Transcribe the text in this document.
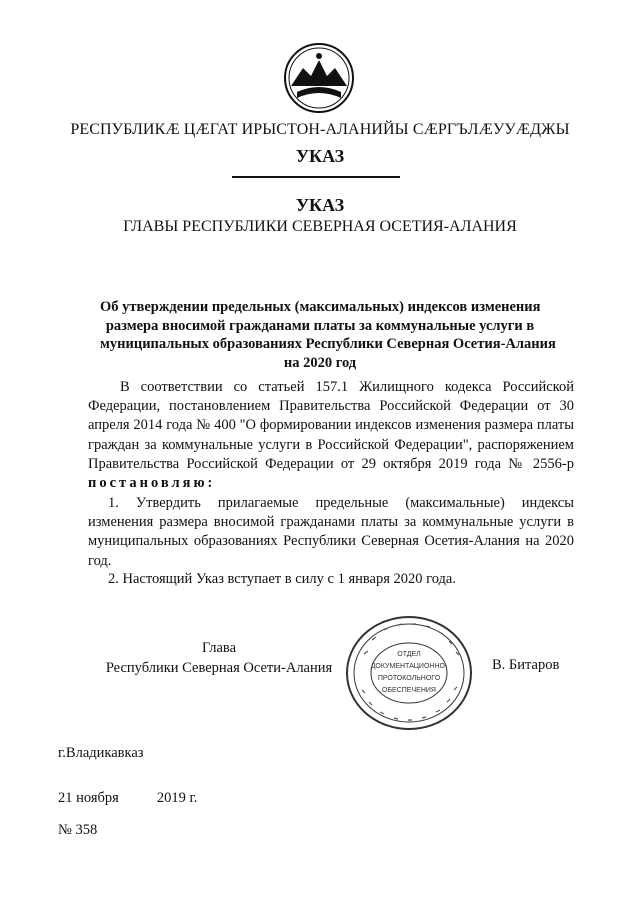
РЕСПУБЛИКӔ ЦӔГАТ ИРЫСТОН-АЛАНИЙЫ СӔРГЪЛӔУУӔДЖЫ
УКАЗ
УКАЗ
ГЛАВЫ РЕСПУБЛИКИ СЕВЕРНАЯ ОСЕТИЯ-АЛАНИЯ
Об утверждении предельных (максимальных) индексов изменения
размера вносимой гражданами платы за коммунальные услуги в
муниципальных образованиях Республики Северная Осетия-Алания
на 2020 год
В соответствии со статьей 157.1 Жилищного кодекса Российской Федерации, постановлением Правительства Российской Федерации от 30 апреля 2014 года № 400 "О формировании индексов изменения размера платы граждан за коммунальные услуги в Российской Федерации", распоряжением Правительства Российской Федерации от 29 октября 2019 года № 2556-р постановляю:
1. Утвердить прилагаемые предельные (максимальные) индексы изменения размера вносимой гражданами платы за коммунальные услуги в муниципальных образованиях Республики Северная Осетия-Алания на 2020 год.
2. Настоящий Указ вступает в силу с 1 января 2020 года.
Глава
Республики Северная Осети-Алания
ОТДЕЛ
ДОКУМЕНТАЦИОННО-
ПРОТОКОЛЬНОГО
ОБЕСПЕЧЕНИЯ
В. Битаров
г.Владикавказ
21 ноября	2019 г.
№ 358
